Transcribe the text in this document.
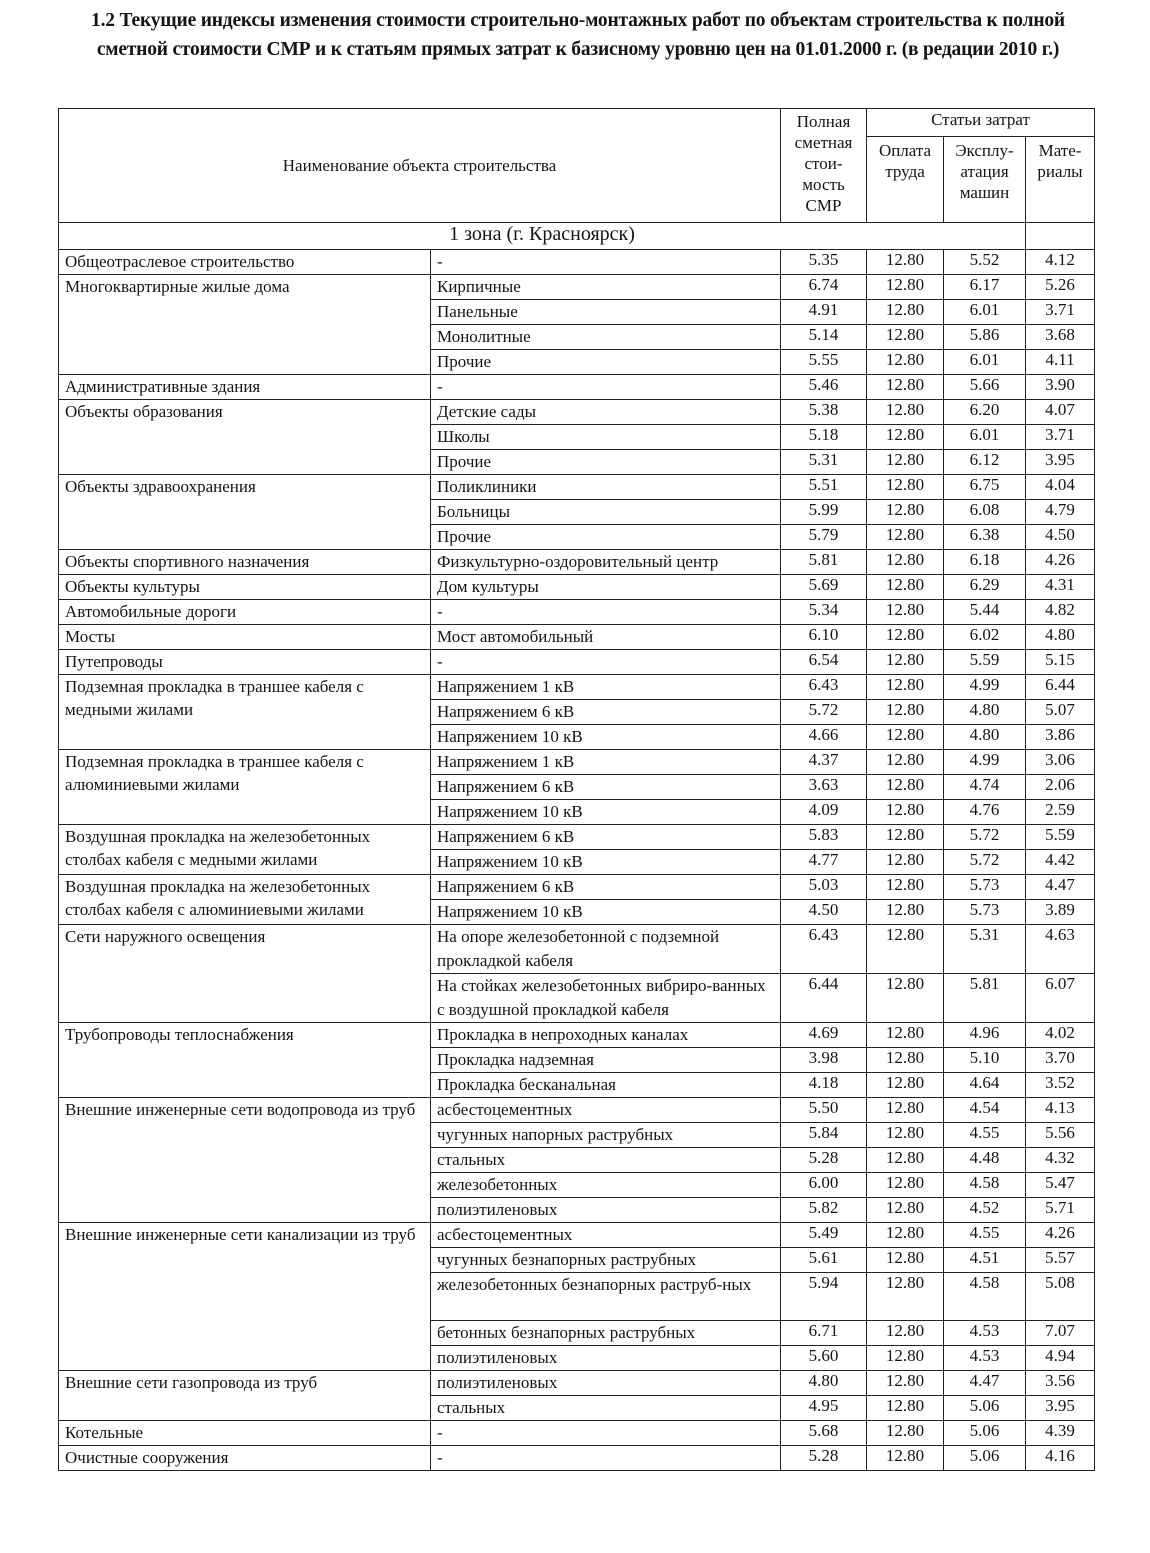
1.2 Текущие индексы изменения стоимости строительно-монтажных работ по объектам строительства к полной сметной стоимости СМР и к статьям прямых затрат к базисному уровню цен на 01.01.2000 г. (в редации 2010 г.)
Наименование объекта строительства		Полная сметная стои-мость СМР	Статьи затрат		
			Оплата труда	Эксплу-атация машин	Мате-риалы
1 зона (г. Красноярск)					
Общеотраслевое строительство	-	5.35	12.80	5.52	4.12
Многоквартирные жилые дома	Кирпичные	6.74	12.80	6.17	5.26
	Панельные	4.91	12.80	6.01	3.71
	Монолитные	5.14	12.80	5.86	3.68
	Прочие	5.55	12.80	6.01	4.11
Административные здания	-	5.46	12.80	5.66	3.90
Объекты образования	Детские сады	5.38	12.80	6.20	4.07
	Школы	5.18	12.80	6.01	3.71
	Прочие	5.31	12.80	6.12	3.95
Объекты здравоохранения	Поликлиники	5.51	12.80	6.75	4.04
	Больницы	5.99	12.80	6.08	4.79
	Прочие	5.79	12.80	6.38	4.50
Объекты спортивного назначения	Физкультурно-оздоровительный центр	5.81	12.80	6.18	4.26
Объекты культуры	Дом культуры	5.69	12.80	6.29	4.31
Автомобильные дороги	-	5.34	12.80	5.44	4.82
Мосты	Мост автомобильный	6.10	12.80	6.02	4.80
Путепроводы	-	6.54	12.80	5.59	5.15
Подземная прокладка в траншее кабеля с медными жилами	Напряжением 1 кВ	6.43	12.80	4.99	6.44
	Напряжением 6 кВ	5.72	12.80	4.80	5.07
	Напряжением 10 кВ	4.66	12.80	4.80	3.86
Подземная прокладка в траншее кабеля с алюминиевыми жилами	Напряжением 1 кВ	4.37	12.80	4.99	3.06
	Напряжением 6 кВ	3.63	12.80	4.74	2.06
	Напряжением 10 кВ	4.09	12.80	4.76	2.59
Воздушная прокладка на железобетонных столбах кабеля с медными жилами	Напряжением 6 кВ	5.83	12.80	5.72	5.59
	Напряжением 10 кВ	4.77	12.80	5.72	4.42
Воздушная прокладка на железобетонных столбах кабеля с алюминиевыми жилами	Напряжением 6 кВ	5.03	12.80	5.73	4.47
	Напряжением 10 кВ	4.50	12.80	5.73	3.89
Сети наружного освещения	На опоре железобетонной с подземной прокладкой кабеля	6.43	12.80	5.31	4.63
	На стойках железобетонных вибриро-ванных с воздушной прокладкой кабеля	6.44	12.80	5.81	6.07
Трубопроводы теплоснабжения	Прокладка в непроходных каналах	4.69	12.80	4.96	4.02
	Прокладка надземная	3.98	12.80	5.10	3.70
	Прокладка бесканальная	4.18	12.80	4.64	3.52
Внешние инженерные сети водопровода из труб	асбестоцементных	5.50	12.80	4.54	4.13
	чугунных напорных раструбных	5.84	12.80	4.55	5.56
	стальных	5.28	12.80	4.48	4.32
	железобетонных	6.00	12.80	4.58	5.47
	полиэтиленовых	5.82	12.80	4.52	5.71
Внешние инженерные сети канализации из труб	асбестоцементных	5.49	12.80	4.55	4.26
	чугунных безнапорных раструбных	5.61	12.80	4.51	5.57
	железобетонных безнапорных раструб-ных	5.94	12.80	4.58	5.08
	бетонных безнапорных раструбных	6.71	12.80	4.53	7.07
	полиэтиленовых	5.60	12.80	4.53	4.94
Внешние сети газопровода из труб	полиэтиленовых	4.80	12.80	4.47	3.56
	стальных	4.95	12.80	5.06	3.95
Котельные	-	5.68	12.80	5.06	4.39
Очистные сооружения	-	5.28	12.80	5.06	4.16
